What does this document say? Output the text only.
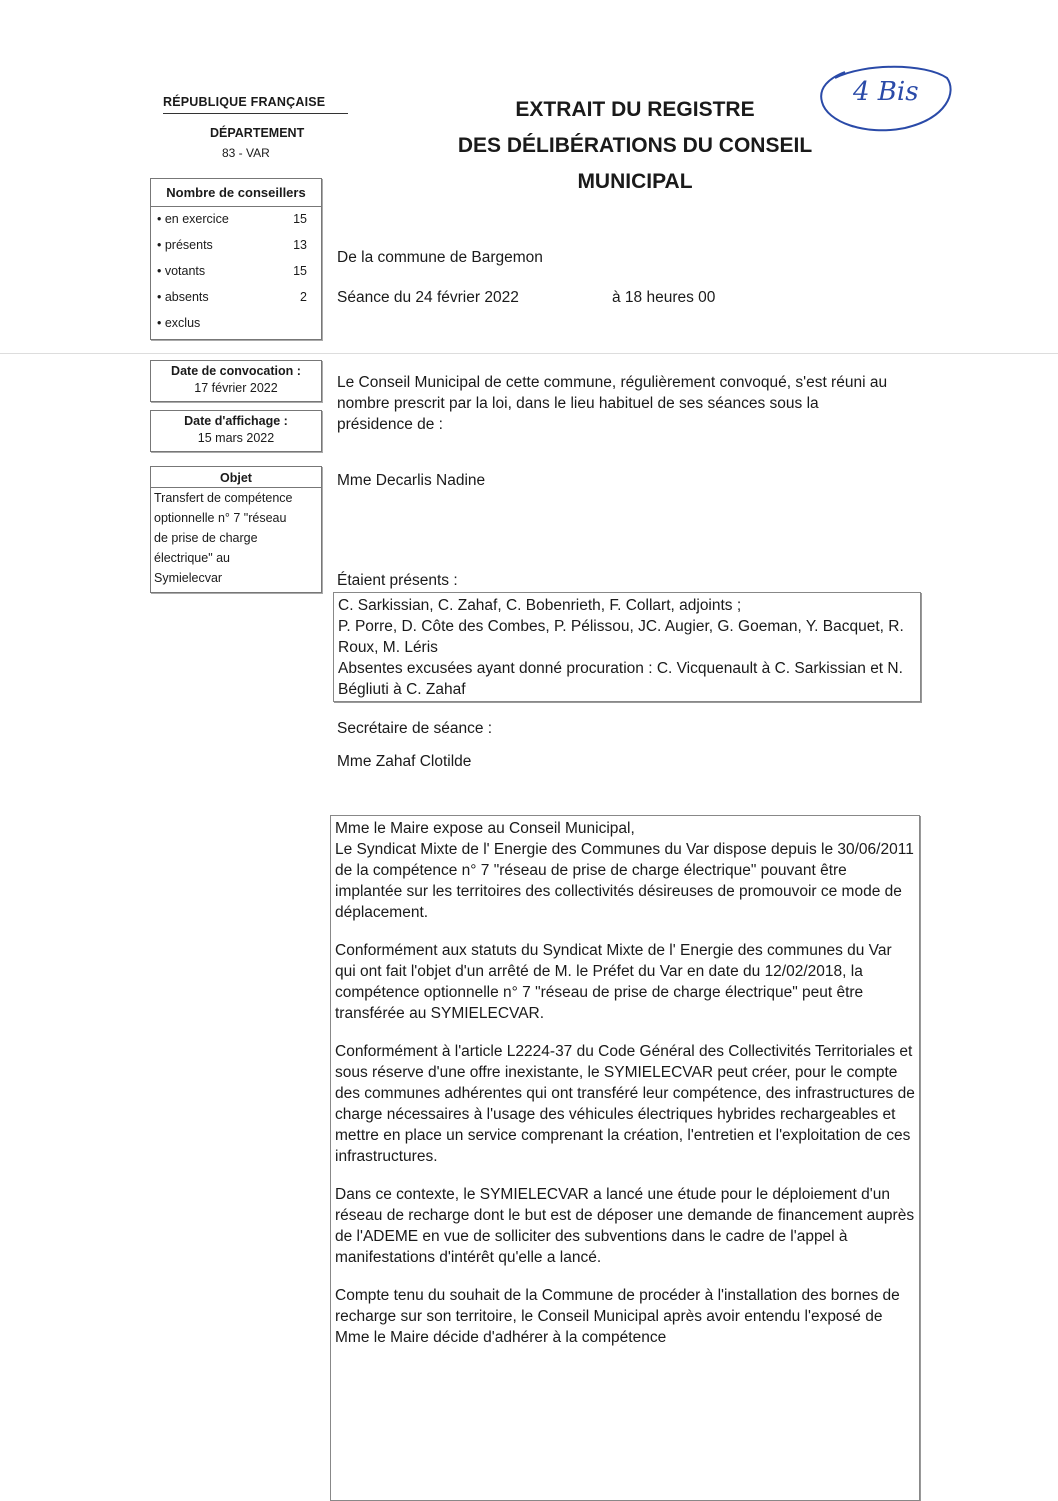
RÉPUBLIQUE FRANÇAISE
DÉPARTEMENT
83 - VAR
EXTRAIT DU REGISTRE
DES DÉLIBÉRATIONS DU CONSEIL
MUNICIPAL
4 Bis
Nombre de conseillers
• en exercice	15
• présents	13
• votants	15
• absents	2
• exclus
Date de convocation :
17 février 2022
Date d'affichage :
15 mars 2022
Objet
Transfert de compétence
optionnelle n° 7 "réseau
de prise de charge
électrique" au
Symielecvar
De la commune de Bargemon
Séance du 24 février 2022	à 18 heures 00
Le Conseil Municipal de cette commune, régulièrement convoqué, s'est réuni au nombre prescrit par la loi, dans le lieu habituel de ses séances sous la présidence de :
Mme Decarlis Nadine
Étaient présents :
C. Sarkissian, C. Zahaf, C. Bobenrieth, F. Collart, adjoints ;
P. Porre, D. Côte des Combes, P. Pélissou, JC. Augier, G. Goeman, Y. Bacquet, R. Roux, M. Léris
Absentes excusées ayant donné procuration : C. Vicquenault à C. Sarkissian et N. Bégliuti à C. Zahaf
Secrétaire de séance :
Mme Zahaf Clotilde

Mme le Maire expose au Conseil Municipal,
Le Syndicat Mixte de l' Energie des Communes du Var dispose depuis le 30/06/2011 de la compétence n° 7 "réseau de prise de charge électrique" pouvant être implantée sur les territoires des collectivités désireuses de promouvoir ce mode de déplacement.

Conformément aux statuts du Syndicat Mixte de l' Energie des communes du Var qui ont fait l'objet d'un arrêté de M. le Préfet du Var en date du 12/02/2018, la compétence optionnelle n° 7 "réseau de prise de charge électrique" peut être transférée au SYMIELECVAR.

Conformément à l'article L2224-37 du Code Général des Collectivités Territoriales et sous réserve d'une offre inexistante, le SYMIELECVAR peut créer, pour le compte des communes adhérentes qui ont transféré leur compétence, des infrastructures de charge nécessaires à l'usage des véhicules électriques hybrides rechargeables et mettre en place un service comprenant la création, l'entretien et l'exploitation de ces infrastructures.

Dans ce contexte, le SYMIELECVAR a lancé une étude pour le déploiement d'un réseau de recharge dont le but est de déposer une demande de financement auprès de l'ADEME en vue de solliciter des subventions dans le cadre de l'appel à manifestations d'intérêt qu'elle a lancé.

Compte tenu du souhait de la Commune de procéder à l'installation des bornes de recharge sur son territoire, le Conseil Municipal après avoir entendu l'exposé de Mme le Maire décide d'adhérer à la compétence
